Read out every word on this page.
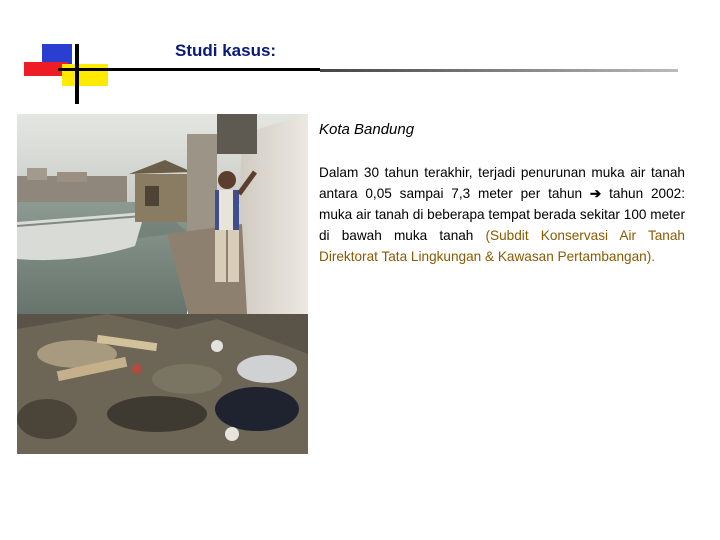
Studi kasus:

Kota Bandung

Dalam 30 tahun terakhir, terjadi penurunan muka air tanah antara 0,05 sampai 7,3 meter per tahun ➔ tahun 2002: muka air tanah di beberapa tempat berada sekitar 100 meter di bawah muka tanah (Subdit Konservasi Air Tanah Direktorat Tata Lingkungan & Kawasan Pertambangan).
